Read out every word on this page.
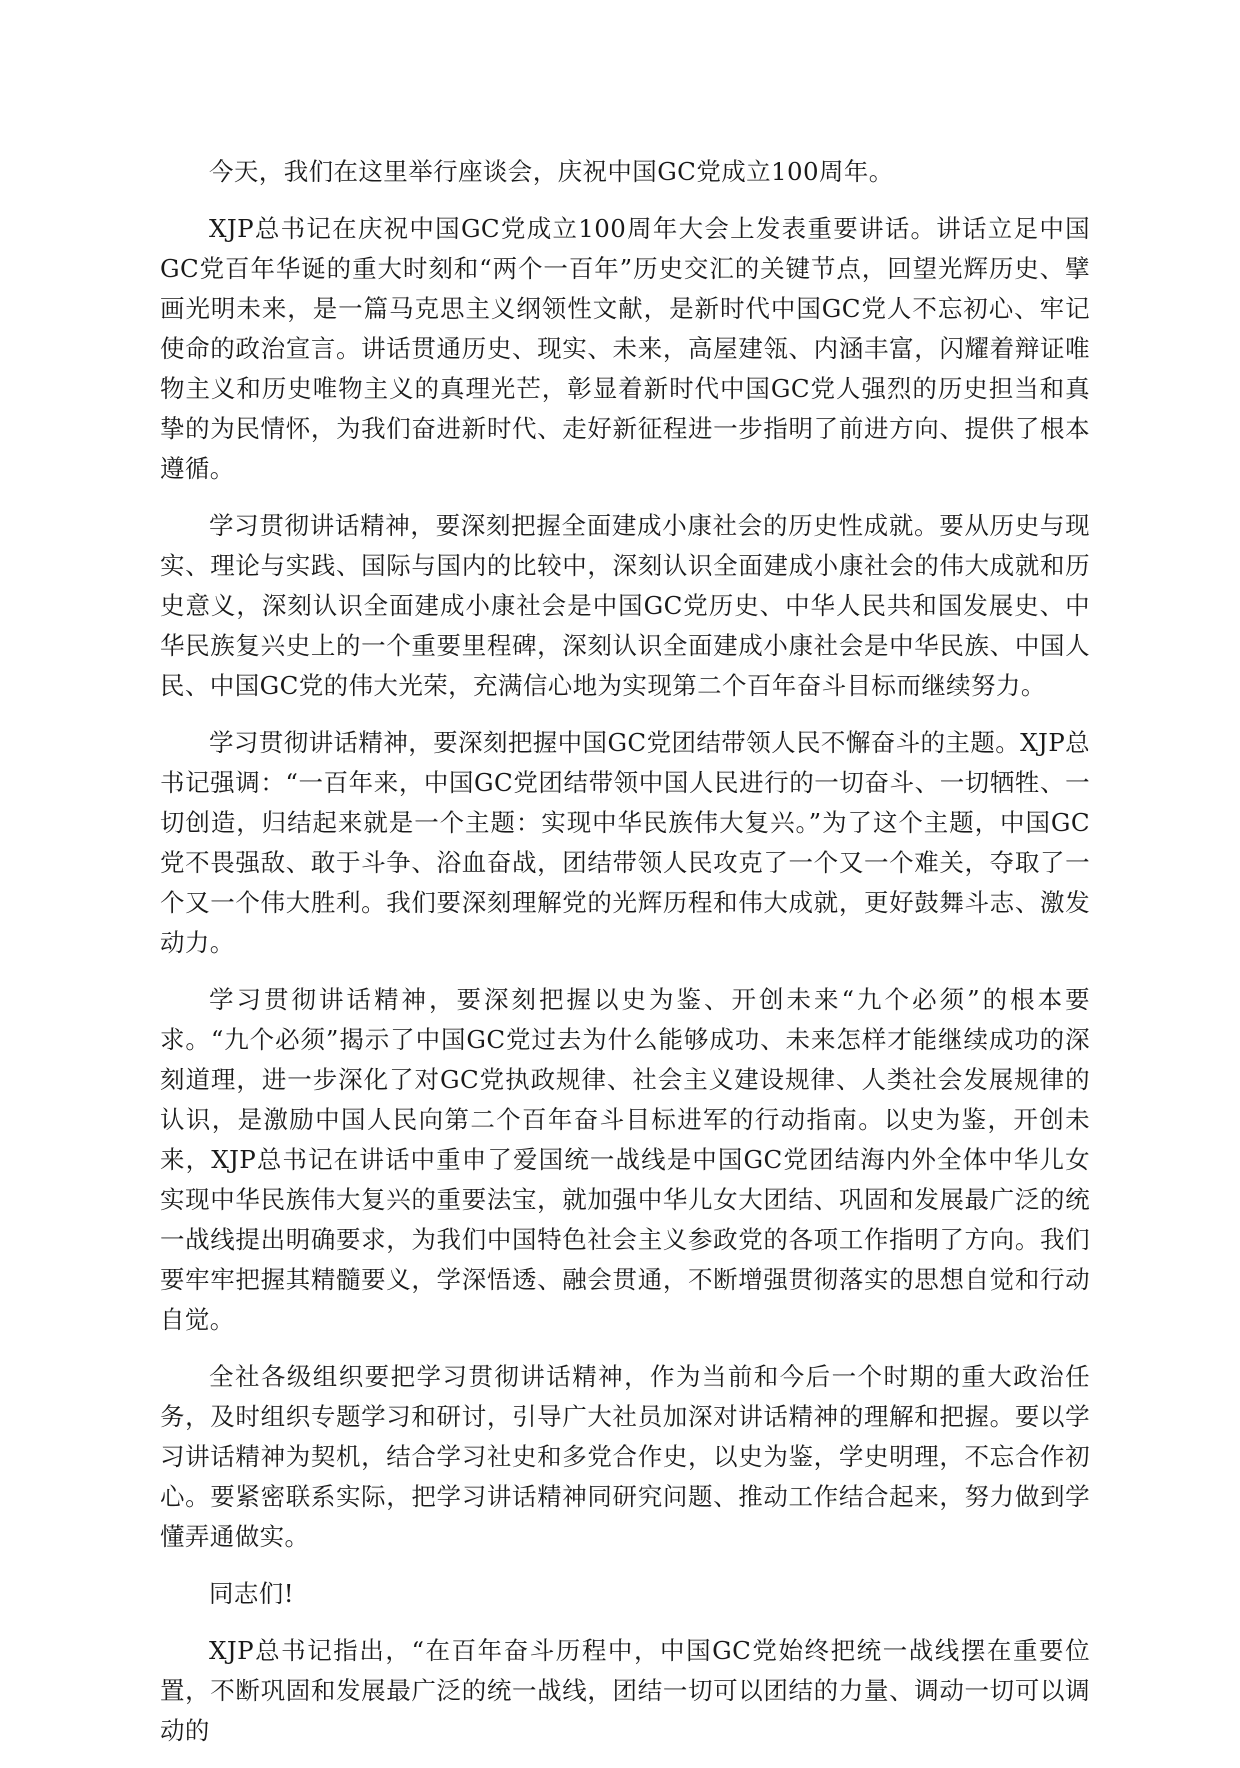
今天，我们在这里举行座谈会，庆祝中国GC党成立100周年。

XJP总书记在庆祝中国GC党成立100周年大会上发表重要讲话。讲话立足中国GC党百年华诞的重大时刻和“两个一百年”历史交汇的关键节点，回望光辉历史、擘画光明未来，是一篇马克思主义纲领性文献，是新时代中国GC党人不忘初心、牢记使命的政治宣言。讲话贯通历史、现实、未来，高屋建瓴、内涵丰富，闪耀着辩证唯物主义和历史唯物主义的真理光芒，彰显着新时代中国GC党人强烈的历史担当和真挚的为民情怀，为我们奋进新时代、走好新征程进一步指明了前进方向、提供了根本遵循。

学习贯彻讲话精神，要深刻把握全面建成小康社会的历史性成就。要从历史与现实、理论与实践、国际与国内的比较中，深刻认识全面建成小康社会的伟大成就和历史意义，深刻认识全面建成小康社会是中国GC党历史、中华人民共和国发展史、中华民族复兴史上的一个重要里程碑，深刻认识全面建成小康社会是中华民族、中国人民、中国GC党的伟大光荣，充满信心地为实现第二个百年奋斗目标而继续努力。

学习贯彻讲话精神，要深刻把握中国GC党团结带领人民不懈奋斗的主题。XJP总书记强调：“一百年来，中国GC党团结带领中国人民进行的一切奋斗、一切牺牲、一切创造，归结起来就是一个主题：实现中华民族伟大复兴。”为了这个主题，中国GC党不畏强敌、敢于斗争、浴血奋战，团结带领人民攻克了一个又一个难关，夺取了一个又一个伟大胜利。我们要深刻理解党的光辉历程和伟大成就，更好鼓舞斗志、激发动力。

学习贯彻讲话精神，要深刻把握以史为鉴、开创未来“九个必须”的根本要求。“九个必须”揭示了中国GC党过去为什么能够成功、未来怎样才能继续成功的深刻道理，进一步深化了对GC党执政规律、社会主义建设规律、人类社会发展规律的认识，是激励中国人民向第二个百年奋斗目标进军的行动指南。以史为鉴，开创未来，XJP总书记在讲话中重申了爱国统一战线是中国GC党团结海内外全体中华儿女实现中华民族伟大复兴的重要法宝，就加强中华儿女大团结、巩固和发展最广泛的统一战线提出明确要求，为我们中国特色社会主义参政党的各项工作指明了方向。我们要牢牢把握其精髓要义，学深悟透、融会贯通，不断增强贯彻落实的思想自觉和行动自觉。

全社各级组织要把学习贯彻讲话精神，作为当前和今后一个时期的重大政治任务，及时组织专题学习和研讨，引导广大社员加深对讲话精神的理解和把握。要以学习讲话精神为契机，结合学习社史和多党合作史，以史为鉴，学史明理，不忘合作初心。要紧密联系实际，把学习讲话精神同研究问题、推动工作结合起来，努力做到学懂弄通做实。

同志们!

XJP总书记指出，“在百年奋斗历程中，中国GC党始终把统一战线摆在重要位置，不断巩固和发展最广泛的统一战线，团结一切可以团结的力量、调动一切可以调动的
